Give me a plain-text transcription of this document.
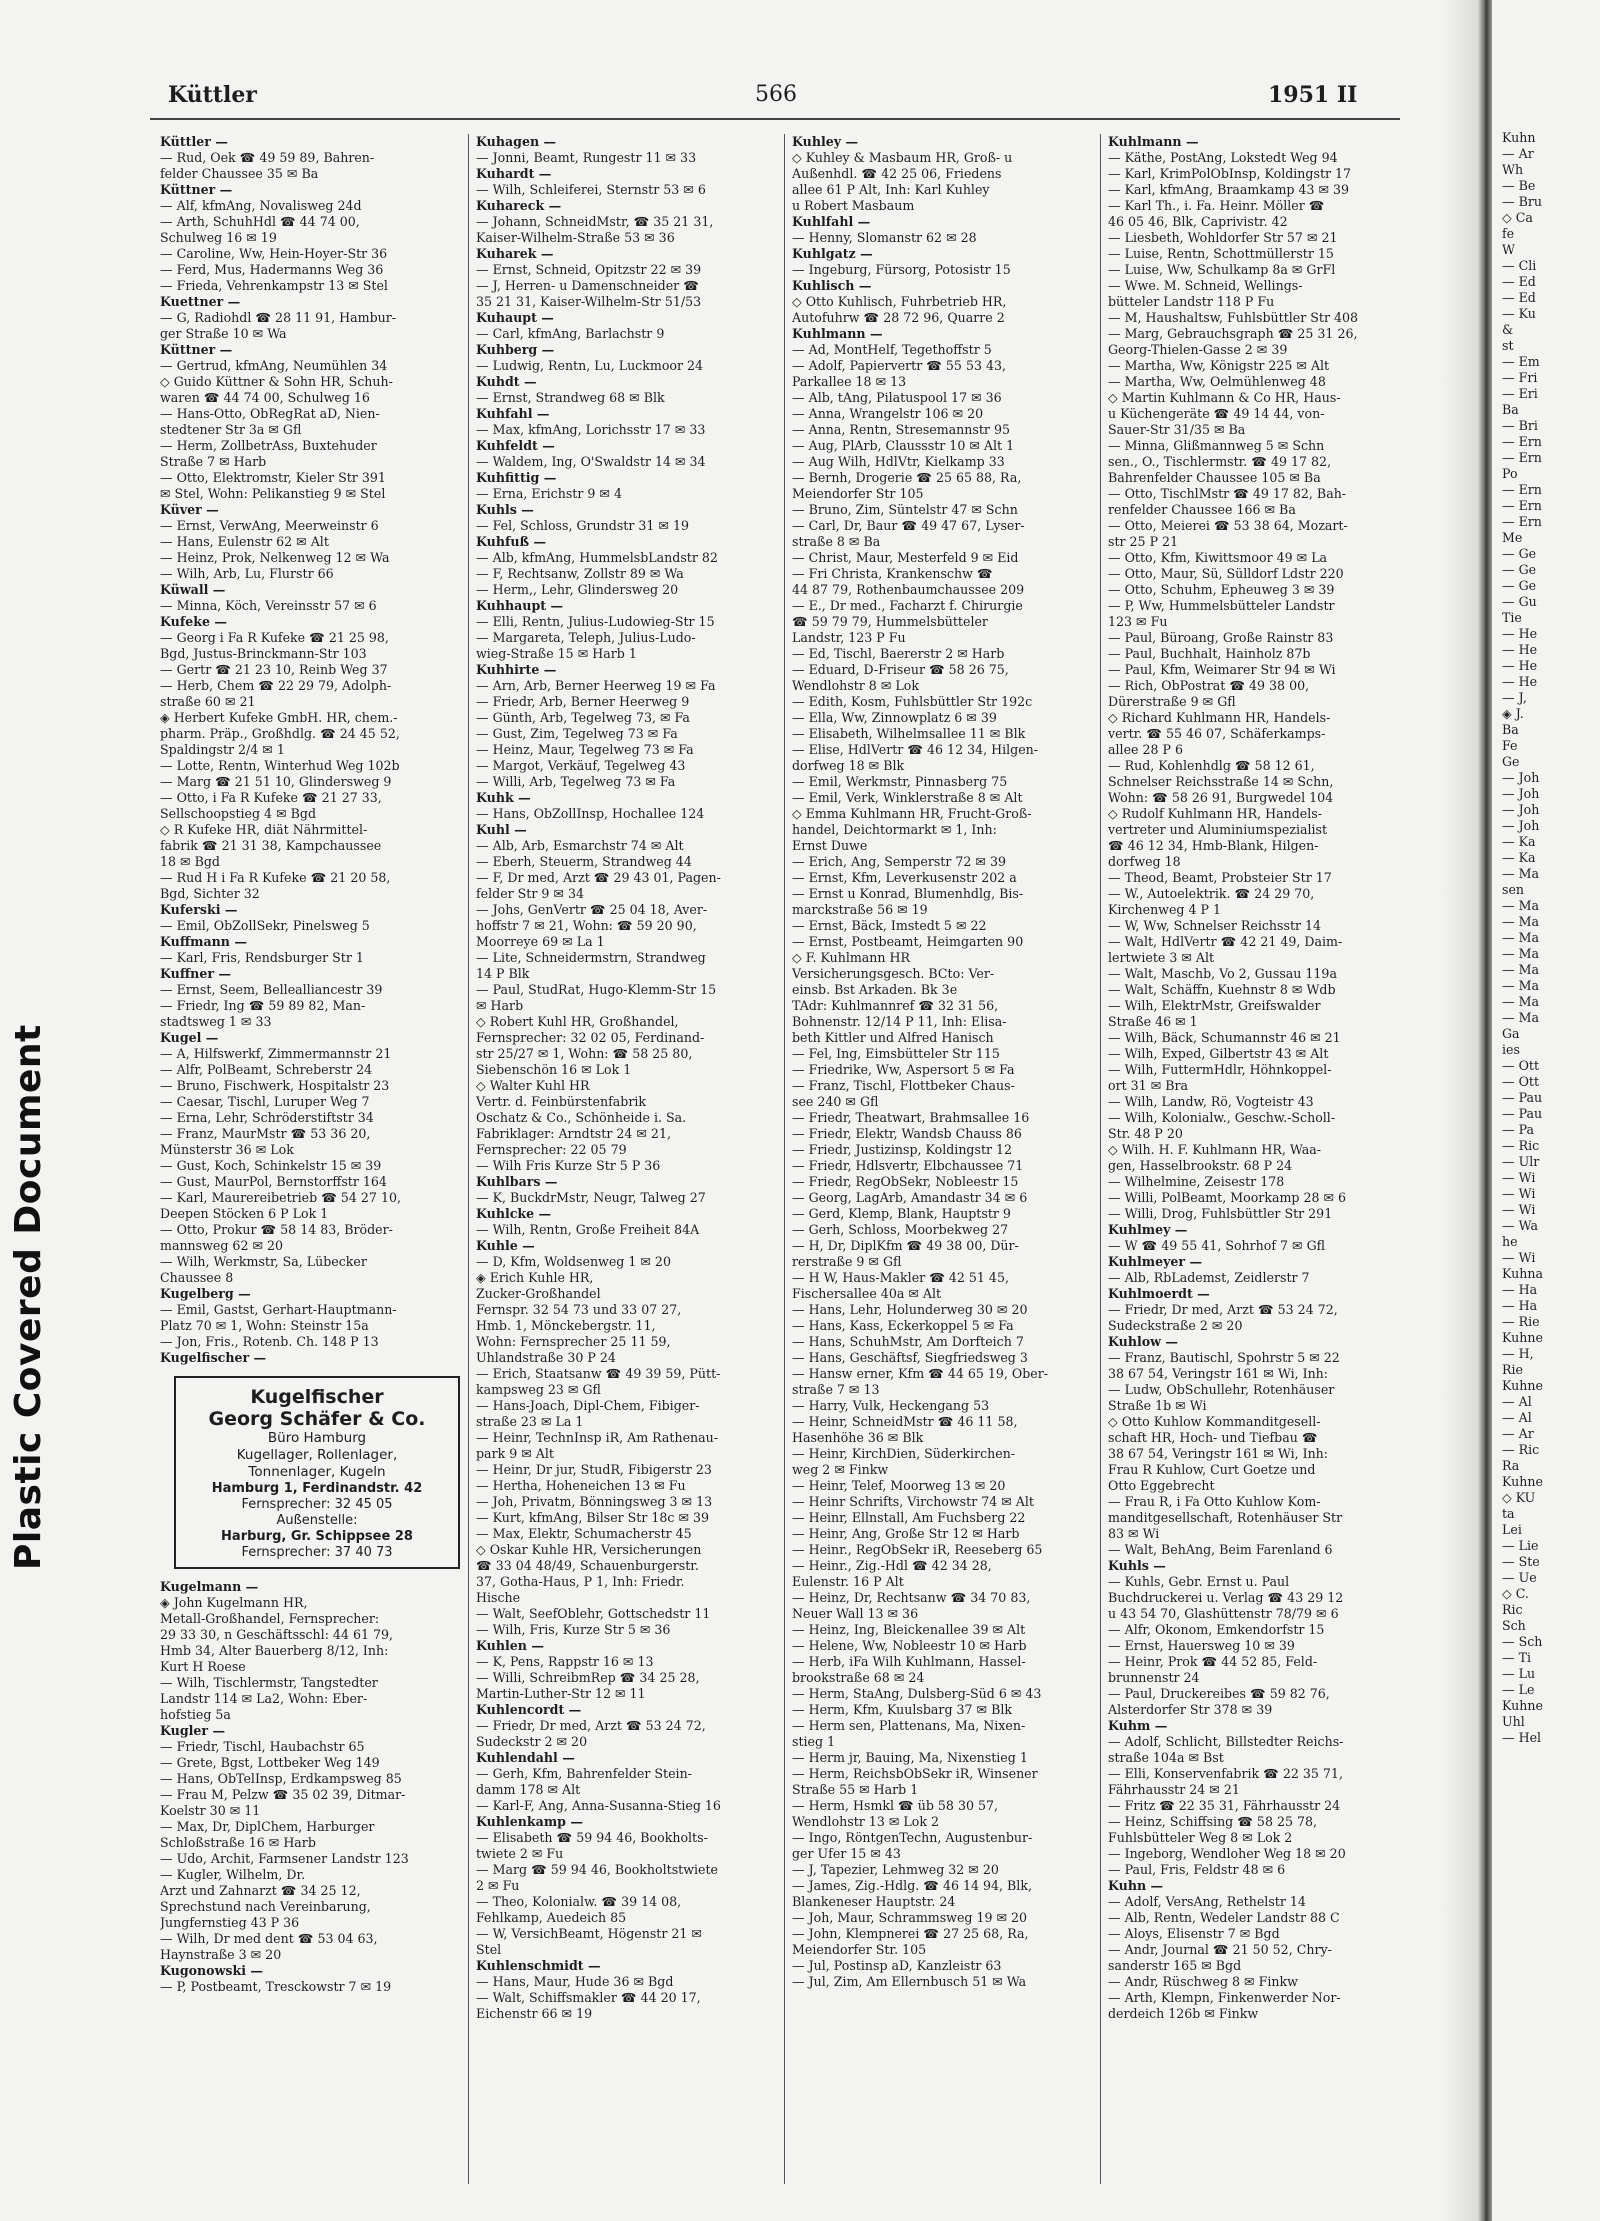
Küttler	566	1951 II
Küttler —
— Rud, Oek ☎ 49 59 89, Bahren-
felder Chaussee 35 ✉ Ba
Küttner —
— Alf, kfmAng, Novalisweg 24d
— Arth, SchuhHdl ☎ 44 74 00,
Schulweg 16 ✉ 19
— Caroline, Ww, Hein-Hoyer-Str 36
— Ferd, Mus, Hadermanns Weg 36
— Frieda, Vehrenkampstr 13 ✉ Stel
Kuettner —
— G, Radiohdl ☎ 28 11 91, Hambur-
ger Straße 10 ✉ Wa
Küttner —
— Gertrud, kfmAng, Neumühlen 34
◇ Guido Küttner & Sohn HR, Schuh-
waren ☎ 44 74 00, Schulweg 16
— Hans-Otto, ObRegRat aD, Nien-
stedtener Str 3a ✉ Gfl
— Herm, ZollbetrAss, Buxtehuder
Straße 7 ✉ Harb
— Otto, Elektromstr, Kieler Str 391
✉ Stel, Wohn: Pelikanstieg 9 ✉ Stel
Küver —
— Ernst, VerwAng, Meerweinstr 6
— Hans, Eulenstr 62 ✉ Alt
— Heinz, Prok, Nelkenweg 12 ✉ Wa
— Wilh, Arb, Lu, Flurstr 66
Küwall —
— Minna, Köch, Vereinsstr 57 ✉ 6
Kufeke —
— Georg i Fa R Kufeke ☎ 21 25 98,
Bgd, Justus-Brinckmann-Str 103
— Gertr ☎ 21 23 10, Reinb Weg 37
— Herb, Chem ☎ 22 29 79, Adolph-
straße 60 ✉ 21
◈ Herbert Kufeke GmbH. HR, chem.-
pharm. Präp., Großhdlg. ☎ 24 45 52,
Spaldingstr 2/4 ✉ 1
— Lotte, Rentn, Winterhud Weg 102b
— Marg ☎ 21 51 10, Glindersweg 9
— Otto, i Fa R Kufeke ☎ 21 27 33,
Sellschoopstieg 4 ✉ Bgd
◇ R Kufeke HR, diät Nährmittel-
fabrik ☎ 21 31 38, Kampchaussee
18 ✉ Bgd
— Rud H i Fa R Kufeke ☎ 21 20 58,
Bgd, Sichter 32
Kuferski —
— Emil, ObZollSekr, Pinelsweg 5
Kuffmann —
— Karl, Fris, Rendsburger Str 1
Kuffner —
— Ernst, Seem, Bellealliancestr 39
— Friedr, Ing ☎ 59 89 82, Man-
stadtsweg 1 ✉ 33
Kugel —
— A, Hilfswerkf, Zimmermannstr 21
— Alfr, PolBeamt, Schreberstr 24
— Bruno, Fischwerk, Hospitalstr 23
— Caesar, Tischl, Luruper Weg 7
— Erna, Lehr, Schröderstiftstr 34
— Franz, MaurMstr ☎ 53 36 20,
Münsterstr 36 ✉ Lok
— Gust, Koch, Schinkelstr 15 ✉ 39
— Gust, MaurPol, Bernstorffstr 164
— Karl, Maurereibetrieb ☎ 54 27 10,
Deepen Stöcken 6 P Lok 1
— Otto, Prokur ☎ 58 14 83, Bröder-
mannsweg 62 ✉ 20
— Wilh, Werkmstr, Sa, Lübecker
Chaussee 8
Kugelberg —
— Emil, Gastst, Gerhart-Hauptmann-
Platz 70 ✉ 1, Wohn: Steinstr 15a
— Jon, Fris., Rotenb. Ch. 148 P 13
Kugelfischer —
Kugelfischer
Georg Schäfer & Co.
Büro Hamburg
Kugellager, Rollenlager,
Tonnenlager, Kugeln
Hamburg 1, Ferdinandstr. 42
Fernsprecher: 32 45 05
Außenstelle:
Harburg, Gr. Schippsee 28
Fernsprecher: 37 40 73
Kugelmann —
◈ John Kugelmann HR,
Metall-Großhandel, Fernsprecher:
29 33 30, n Geschäftsschl: 44 61 79,
Hmb 34, Alter Bauerberg 8/12, Inh:
Kurt H Roese
— Wilh, Tischlermstr, Tangstedter
Landstr 114 ✉ La2, Wohn: Eber-
hofstieg 5a
Kugler —
— Friedr, Tischl, Haubachstr 65
— Grete, Bgst, Lottbeker Weg 149
— Hans, ObTelInsp, Erdkampsweg 85
— Frau M, Pelzw ☎ 35 02 39, Ditmar-
Koelstr 30 ✉ 11
— Max, Dr, DiplChem, Harburger
Schloßstraße 16 ✉ Harb
— Udo, Archit, Farmsener Landstr 123
— Kugler, Wilhelm, Dr.
Arzt und Zahnarzt ☎ 34 25 12,
Sprechstund nach Vereinbarung,
Jungfernstieg 43 P 36
— Wilh, Dr med dent ☎ 53 04 63,
Haynstraße 3 ✉ 20
Kugonowski —
— P, Postbeamt, Tresckowstr 7 ✉ 19
Kuhagen —
— Jonni, Beamt, Rungestr 11 ✉ 33
Kuhardt —
— Wilh, Schleiferei, Sternstr 53 ✉ 6
Kuhareck —
— Johann, SchneidMstr, ☎ 35 21 31,
Kaiser-Wilhelm-Straße 53 ✉ 36
Kuharek —
— Ernst, Schneid, Opitzstr 22 ✉ 39
— J, Herren- u Damenschneider ☎
35 21 31, Kaiser-Wilhelm-Str 51/53
Kuhaupt —
— Carl, kfmAng, Barlachstr 9
Kuhberg —
— Ludwig, Rentn, Lu, Luckmoor 24
Kuhdt —
— Ernst, Strandweg 68 ✉ Blk
Kuhfahl —
— Max, kfmAng, Lorichsstr 17 ✉ 33
Kuhfeldt —
— Waldem, Ing, O'Swaldstr 14 ✉ 34
Kuhfittig —
— Erna, Erichstr 9 ✉ 4
Kuhls —
— Fel, Schloss, Grundstr 31 ✉ 19
Kuhfuß —
— Alb, kfmAng, HummelsbLandstr 82
— F, Rechtsanw, Zollstr 89 ✉ Wa
— Herm,, Lehr, Glindersweg 20
Kuhhaupt —
— Elli, Rentn, Julius-Ludowieg-Str 15
— Margareta, Teleph, Julius-Ludo-
wieg-Straße 15 ✉ Harb 1
Kuhhirte —
— Arn, Arb, Berner Heerweg 19 ✉ Fa
— Friedr, Arb, Berner Heerweg 9
— Günth, Arb, Tegelweg 73, ✉ Fa
— Gust, Zim, Tegelweg 73 ✉ Fa
— Heinz, Maur, Tegelweg 73 ✉ Fa
— Margot, Verkäuf, Tegelweg 43
— Willi, Arb, Tegelweg 73 ✉ Fa
Kuhk —
— Hans, ObZollInsp, Hochallee 124
Kuhl —
— Alb, Arb, Esmarchstr 74 ✉ Alt
— Eberh, Steuerm, Strandweg 44
— F, Dr med, Arzt ☎ 29 43 01, Pagen-
felder Str 9 ✉ 34
— Johs, GenVertr ☎ 25 04 18, Aver-
hoffstr 7 ✉ 21, Wohn: ☎ 59 20 90,
Moorreye 69 ✉ La 1
— Lite, Schneidermstrn, Strandweg
14 P Blk
— Paul, StudRat, Hugo-Klemm-Str 15
✉ Harb
◇ Robert Kuhl HR, Großhandel,
Fernsprecher: 32 02 05, Ferdinand-
str 25/27 ✉ 1, Wohn: ☎ 58 25 80,
Siebenschön 16 ✉ Lok 1
◇ Walter Kuhl HR
Vertr. d. Feinbürstenfabrik
Oschatz & Co., Schönheide i. Sa.
Fabriklager: Arndtstr 24 ✉ 21,
Fernsprecher: 22 05 79
— Wilh Fris Kurze Str 5 P 36
Kuhlbars —
— K, BuckdrMstr, Neugr, Talweg 27
Kuhlcke —
— Wilh, Rentn, Große Freiheit 84A
Kuhle —
— D, Kfm, Woldsenweg 1 ✉ 20
◈ Erich Kuhle HR,
Zucker-Großhandel
Fernspr. 32 54 73 und 33 07 27,
Hmb. 1, Mönckebergstr. 11,
Wohn: Fernsprecher 25 11 59,
Uhlandstraße 30 P 24
— Erich, Staatsanw ☎ 49 39 59, Pütt-
kampsweg 23 ✉ Gfl
— Hans-Joach, Dipl-Chem, Fibiger-
straße 23 ✉ La 1
— Heinr, TechnInsp iR, Am Rathenau-
park 9 ✉ Alt
— Heinr, Dr jur, StudR, Fibigerstr 23
— Hertha, Hoheneichen 13 ✉ Fu
— Joh, Privatm, Bönningsweg 3 ✉ 13
— Kurt, kfmAng, Bilser Str 18c ✉ 39
— Max, Elektr, Schumacherstr 45
◇ Oskar Kuhle HR, Versicherungen
☎ 33 04 48/49, Schauenburgerstr.
37, Gotha-Haus, P 1, Inh: Friedr.
Hische
— Walt, SeefOblehr, Gottschedstr 11
— Wilh, Fris, Kurze Str 5 ✉ 36
Kuhlen —
— K, Pens, Rappstr 16 ✉ 13
— Willi, SchreibmRep ☎ 34 25 28,
Martin-Luther-Str 12 ✉ 11
Kuhlencordt —
— Friedr, Dr med, Arzt ☎ 53 24 72,
Sudeckstr 2 ✉ 20
Kuhlendahl —
— Gerh, Kfm, Bahrenfelder Stein-
damm 178 ✉ Alt
— Karl-F, Ang, Anna-Susanna-Stieg 16
Kuhlenkamp —
— Elisabeth ☎ 59 94 46, Bookholts-
twiete 2 ✉ Fu
— Marg ☎ 59 94 46, Bookholtstwiete
2 ✉ Fu
— Theo, Kolonialw. ☎ 39 14 08,
Fehlkamp, Auedeich 85
— W, VersichBeamt, Högenstr 21 ✉
Stel
Kuhlenschmidt —
— Hans, Maur, Hude 36 ✉ Bgd
— Walt, Schiffsmakler ☎ 44 20 17,
Eichenstr 66 ✉ 19
Kuhley —
◇ Kuhley & Masbaum HR, Groß- u
Außenhdl. ☎ 42 25 06, Friedens
allee 61 P Alt, Inh: Karl Kuhley
u Robert Masbaum
Kuhlfahl —
— Henny, Slomanstr 62 ✉ 28
Kuhlgatz —
— Ingeburg, Fürsorg, Potosistr 15
Kuhlisch —
◇ Otto Kuhlisch, Fuhrbetrieb HR,
Autofuhrw ☎ 28 72 96, Quarre 2
Kuhlmann —
— Ad, MontHelf, Tegethoffstr 5
— Adolf, Papiervertr ☎ 55 53 43,
Parkallee 18 ✉ 13
— Alb, tAng, Pilatuspool 17 ✉ 36
— Anna, Wrangelstr 106 ✉ 20
— Anna, Rentn, Stresemannstr 95
— Aug, PlArb, Claussstr 10 ✉ Alt 1
— Aug Wilh, HdlVtr, Kielkamp 33
— Bernh, Drogerie ☎ 25 65 88, Ra,
Meiendorfer Str 105
— Bruno, Zim, Süntelstr 47 ✉ Schn
— Carl, Dr, Baur ☎ 49 47 67, Lyser-
straße 8 ✉ Ba
— Christ, Maur, Mesterfeld 9 ✉ Eid
— Fri Christa, Krankenschw ☎
44 87 79, Rothenbaumchaussee 209
— E., Dr med., Facharzt f. Chirurgie
☎ 59 79 79, Hummelsbütteler
Landstr, 123 P Fu
— Ed, Tischl, Baererstr 2 ✉ Harb
— Eduard, D-Friseur ☎ 58 26 75,
Wendlohstr 8 ✉ Lok
— Edith, Kosm, Fuhlsbüttler Str 192c
— Ella, Ww, Zinnowplatz 6 ✉ 39
— Elisabeth, Wilhelmsallee 11 ✉ Blk
— Elise, HdlVertr ☎ 46 12 34, Hilgen-
dorfweg 18 ✉ Blk
— Emil, Werkmstr, Pinnasberg 75
— Emil, Verk, Winklerstraße 8 ✉ Alt
◇ Emma Kuhlmann HR, Frucht-Groß-
handel, Deichtormarkt ✉ 1, Inh:
Ernst Duwe
— Erich, Ang, Semperstr 72 ✉ 39
— Ernst, Kfm, Leverkusenstr 202 a
— Ernst u Konrad, Blumenhdlg, Bis-
marckstraße 56 ✉ 19
— Ernst, Bäck, Imstedt 5 ✉ 22
— Ernst, Postbeamt, Heimgarten 90
◇ F. Kuhlmann HR
Versicherungsgesch. BCto: Ver-
einsb. Bst Arkaden. Bk 3e
TAdr: Kuhlmannref ☎ 32 31 56,
Bohnenstr. 12/14 P 11, Inh: Elisa-
beth Kittler und Alfred Hanisch
— Fel, Ing, Eimsbütteler Str 115
— Friedrike, Ww, Aspersort 5 ✉ Fa
— Franz, Tischl, Flottbeker Chaus-
see 240 ✉ Gfl
— Friedr, Theatwart, Brahmsallee 16
— Friedr, Elektr, Wandsb Chauss 86
— Friedr, Justizinsp, Koldingstr 12
— Friedr, Hdlsvertr, Elbchaussee 71
— Friedr, RegObSekr, Nobleestr 15
— Georg, LagArb, Amandastr 34 ✉ 6
— Gerd, Klemp, Blank, Hauptstr 9
— Gerh, Schloss, Moorbekweg 27
— H, Dr, DiplKfm ☎ 49 38 00, Dür-
rerstraße 9 ✉ Gfl
— H W, Haus-Makler ☎ 42 51 45,
Fischersallee 40a ✉ Alt
— Hans, Lehr, Holunderweg 30 ✉ 20
— Hans, Kass, Eckerkoppel 5 ✉ Fa
— Hans, SchuhMstr, Am Dorfteich 7
— Hans, Geschäftsf, Siegfriedsweg 3
— Hansw erner, Kfm ☎ 44 65 19, Ober-
straße 7 ✉ 13
— Harry, Vulk, Heckengang 53
— Heinr, SchneidMstr ☎ 46 11 58,
Hasenhöhe 36 ✉ Blk
— Heinr, KirchDien, Süderkirchen-
weg 2 ✉ Finkw
— Heinr, Telef, Moorweg 13 ✉ 20
— Heinr Schrifts, Virchowstr 74 ✉ Alt
— Heinr, Ellnstall, Am Fuchsberg 22
— Heinr, Ang, Große Str 12 ✉ Harb
— Heinr., RegObSekr iR, Reeseberg 65
— Heinr., Zig.-Hdl ☎ 42 34 28,
Eulenstr. 16 P Alt
— Heinz, Dr, Rechtsanw ☎ 34 70 83,
Neuer Wall 13 ✉ 36
— Heinz, Ing, Bleickenallee 39 ✉ Alt
— Helene, Ww, Nobleestr 10 ✉ Harb
— Herb, iFa Wilh Kuhlmann, Hassel-
brookstraße 68 ✉ 24
— Herm, StaAng, Dulsberg-Süd 6 ✉ 43
— Herm, Kfm, Kuulsbarg 37 ✉ Blk
— Herm sen, Plattenans, Ma, Nixen-
stieg 1
— Herm jr, Bauing, Ma, Nixenstieg 1
— Herm, ReichsbObSekr iR, Winsener
Straße 55 ✉ Harb 1
— Herm, Hsmkl ☎ üb 58 30 57,
Wendlohstr 13 ✉ Lok 2
— Ingo, RöntgenTechn, Augustenbur-
ger Ufer 15 ✉ 43
— J, Tapezier, Lehmweg 32 ✉ 20
— James, Zig.-Hdlg. ☎ 46 14 94, Blk,
Blankeneser Hauptstr. 24
— Joh, Maur, Schrammsweg 19 ✉ 20
— John, Klempnerei ☎ 27 25 68, Ra,
Meiendorfer Str. 105
— Jul, Postinsp aD, Kanzleistr 63
— Jul, Zim, Am Ellernbusch 51 ✉ Wa
Kuhlmann —
— Käthe, PostAng, Lokstedt Weg 94
— Karl, KrimPolObInsp, Koldingstr 17
— Karl, kfmAng, Braamkamp 43 ✉ 39
— Karl Th., i. Fa. Heinr. Möller ☎
46 05 46, Blk, Caprivistr. 42
— Liesbeth, Wohldorfer Str 57 ✉ 21
— Luise, Rentn, Schottmüllerstr 15
— Luise, Ww, Schulkamp 8a ✉ GrFl
— Wwe. M. Schneid, Wellings-
bütteler Landstr 118 P Fu
— M, Haushaltsw, Fuhlsbüttler Str 408
— Marg, Gebrauchsgraph ☎ 25 31 26,
Georg-Thielen-Gasse 2 ✉ 39
— Martha, Ww, Königstr 225 ✉ Alt
— Martha, Ww, Oelmühlenweg 48
◇ Martin Kuhlmann & Co HR, Haus-
u Küchengeräte ☎ 49 14 44, von-
Sauer-Str 31/35 ✉ Ba
— Minna, Glißmannweg 5 ✉ Schn
sen., O., Tischlermstr. ☎ 49 17 82,
Bahrenfelder Chaussee 105 ✉ Ba
— Otto, TischlMstr ☎ 49 17 82, Bah-
renfelder Chaussee 166 ✉ Ba
— Otto, Meierei ☎ 53 38 64, Mozart-
str 25 P 21
— Otto, Kfm, Kiwittsmoor 49 ✉ La
— Otto, Maur, Sü, Sülldorf Ldstr 220
— Otto, Schuhm, Epheuweg 3 ✉ 39
— P, Ww, Hummelsbütteler Landstr
123 ✉ Fu
— Paul, Büroang, Große Rainstr 83
— Paul, Buchhalt, Hainholz 87b
— Paul, Kfm, Weimarer Str 94 ✉ Wi
— Rich, ObPostrat ☎ 49 38 00,
Dürerstraße 9 ✉ Gfl
◇ Richard Kuhlmann HR, Handels-
vertr. ☎ 55 46 07, Schäferkamps-
allee 28 P 6
— Rud, Kohlenhdlg ☎ 58 12 61,
Schnelser Reichsstraße 14 ✉ Schn,
Wohn: ☎ 58 26 91, Burgwedel 104
◇ Rudolf Kuhlmann HR, Handels-
vertreter und Aluminiumspezialist
☎ 46 12 34, Hmb-Blank, Hilgen-
dorfweg 18
— Theod, Beamt, Probsteier Str 17
— W., Autoelektrik. ☎ 24 29 70,
Kirchenweg 4 P 1
— W, Ww, Schnelser Reichsstr 14
— Walt, HdlVertr ☎ 42 21 49, Daim-
lertwiete 3 ✉ Alt
— Walt, Maschb, Vo 2, Gussau 119a
— Walt, Schäffn, Kuehnstr 8 ✉ Wdb
— Wilh, ElektrMstr, Greifswalder
Straße 46 ✉ 1
— Wilh, Bäck, Schumannstr 46 ✉ 21
— Wilh, Exped, Gilbertstr 43 ✉ Alt
— Wilh, FuttermHdlr, Höhnkoppel-
ort 31 ✉ Bra
— Wilh, Landw, Rö, Vogteistr 43
— Wilh, Kolonialw., Geschw.-Scholl-
Str. 48 P 20
◇ Wilh. H. F. Kuhlmann HR, Waa-
gen, Hasselbrookstr. 68 P 24
— Wilhelmine, Zeisestr 178
— Willi, PolBeamt, Moorkamp 28 ✉ 6
— Willi, Drog, Fuhlsbüttler Str 291
Kuhlmey —
— W ☎ 49 55 41, Sohrhof 7 ✉ Gfl
Kuhlmeyer —
— Alb, RbLademst, Zeidlerstr 7
Kuhlmoerdt —
— Friedr, Dr med, Arzt ☎ 53 24 72,
Sudeckstraße 2 ✉ 20
Kuhlow —
— Franz, Bautischl, Spohrstr 5 ✉ 22
38 67 54, Veringstr 161 ✉ Wi, Inh:
— Ludw, ObSchullehr, Rotenhäuser
Straße 1b ✉ Wi
◇ Otto Kuhlow Kommanditgesell-
schaft HR, Hoch- und Tiefbau ☎
38 67 54, Veringstr 161 ✉ Wi, Inh:
Frau R Kuhlow, Curt Goetze und
Otto Eggebrecht
— Frau R, i Fa Otto Kuhlow Kom-
manditgesellschaft, Rotenhäuser Str
83 ✉ Wi
— Walt, BehAng, Beim Farenland 6
Kuhls —
— Kuhls, Gebr. Ernst u. Paul
Buchdruckerei u. Verlag ☎ 43 29 12
u 43 54 70, Glashüttenstr 78/79 ✉ 6
— Alfr, Okonom, Emkendorfstr 15
— Ernst, Hauersweg 10 ✉ 39
— Heinr, Prok ☎ 44 52 85, Feld-
brunnenstr 24
— Paul, Druckereibes ☎ 59 82 76,
Alsterdorfer Str 378 ✉ 39
Kuhm —
— Adolf, Schlicht, Billstedter Reichs-
straße 104a ✉ Bst
— Elli, Konservenfabrik ☎ 22 35 71,
Fährhausstr 24 ✉ 21
— Fritz ☎ 22 35 31, Fährhausstr 24
— Heinz, Schiffsing ☎ 58 25 78,
Fuhlsbütteler Weg 8 ✉ Lok 2
— Ingeborg, Wendloher Weg 18 ✉ 20
— Paul, Fris, Feldstr 48 ✉ 6
Kuhn —
— Adolf, VersAng, Rethelstr 14
— Alb, Rentn, Wedeler Landstr 88 C
— Aloys, Elisenstr 7 ✉ Bgd
— Andr, Journal ☎ 21 50 52, Chry-
sanderstr 165 ✉ Bgd
— Andr, Rüschweg 8 ✉ Finkw
— Arth, Klempn, Finkenwerder Nor-
derdeich 126b ✉ Finkw
Kuhn
— Ar
Wh
— Be
— Bru
◇ Ca
fe
W
— Cli
— Ed
— Ed
— Ku
&
st
— Em
— Fri
— Eri
Ba
— Bri
— Ern
— Ern
Po
— Ern
— Ern
— Ern
Me
— Ge
— Ge
— Ge
— Gu
Tie
— He
— He
— He
— He
— J,
◈ J.
Ba
Fe
Ge
— Joh
— Joh
— Joh
— Joh
— Ka
— Ka
— Ma
sen
— Ma
— Ma
— Ma
— Ma
— Ma
— Ma
— Ma
— Ma
Ga
ies
— Ott
— Ott
— Pau
— Pau
— Pa
— Ric
— Ulr
— Wi
— Wi
— Wi
— Wa
he
— Wi
Kuhna
— Ha
— Ha
— Rie
Kuhne
— H,
Rie
Kuhne
— Al
— Al
— Ar
— Ric
Ra
Kuhne
◇ KU
ta
Lei
— Lie
— Ste
— Ue
◇ C.
Ric
Sch
— Sch
— Ti
— Lu
— Le
Kuhne
Uhl
— Hel
